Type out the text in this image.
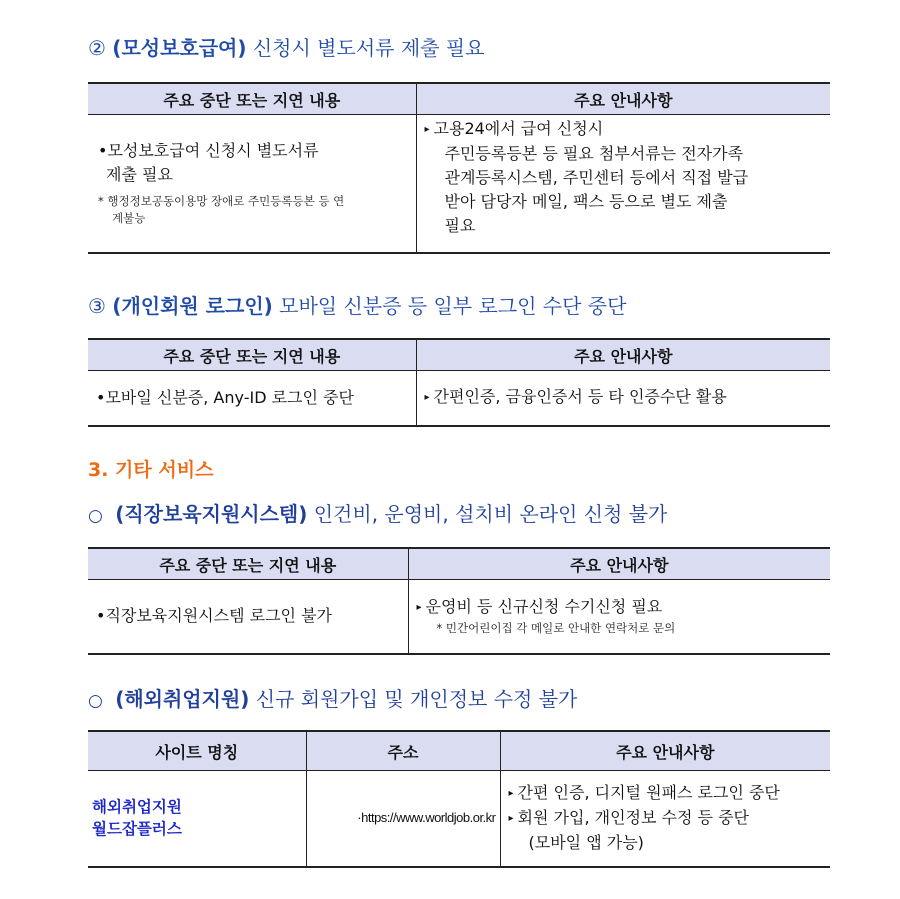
② (모성보호급여) 신청시 별도서류 제출 필요
주요 중단 또는 지연 내용	주요 안내사항

•모성보호급여 신청시 별도서류
제출 필요
* 행정정보공동이용망 장애로 주민등록등본 등 연
계불능	▸ 고용24에서 급여 신청시
주민등록등본 등 필요 첨부서류는 전자가족
관계등록시스템, 주민센터 등에서 직접 발급
받아 담당자 메일, 팩스 등으로 별도 제출
필요
③ (개인회원 로그인) 모바일 신분증 등 일부 로그인 수단 중단
주요 중단 또는 지연 내용	주요 안내사항
•모바일 신분증, Any-ID 로그인 중단	▸ 간편인증, 금융인증서 등 타 인증수단 활용
3. 기타 서비스
○ (직장보육지원시스템) 인건비, 운영비, 설치비 온라인 신청 불가
주요 중단 또는 지연 내용	주요 안내사항
•직장보육지원시스템 로그인 불가	▸ 운영비 등 신규신청 수기신청 필요
* 민간어린이집 각 메일로 안내한 연락처로 문의
○ (해외취업지원) 신규 회원가입 및 개인정보 수정 불가
사이트 명칭	주소	주요 안내사항

해외취업지원
월드잡플러스	·https://www.worldjob.or.kr	▸ 간편 인증, 디지털 원패스 로그인 중단
▸ 회원 가입, 개인정보 수정 등 중단
(모바일 앱 가능)
